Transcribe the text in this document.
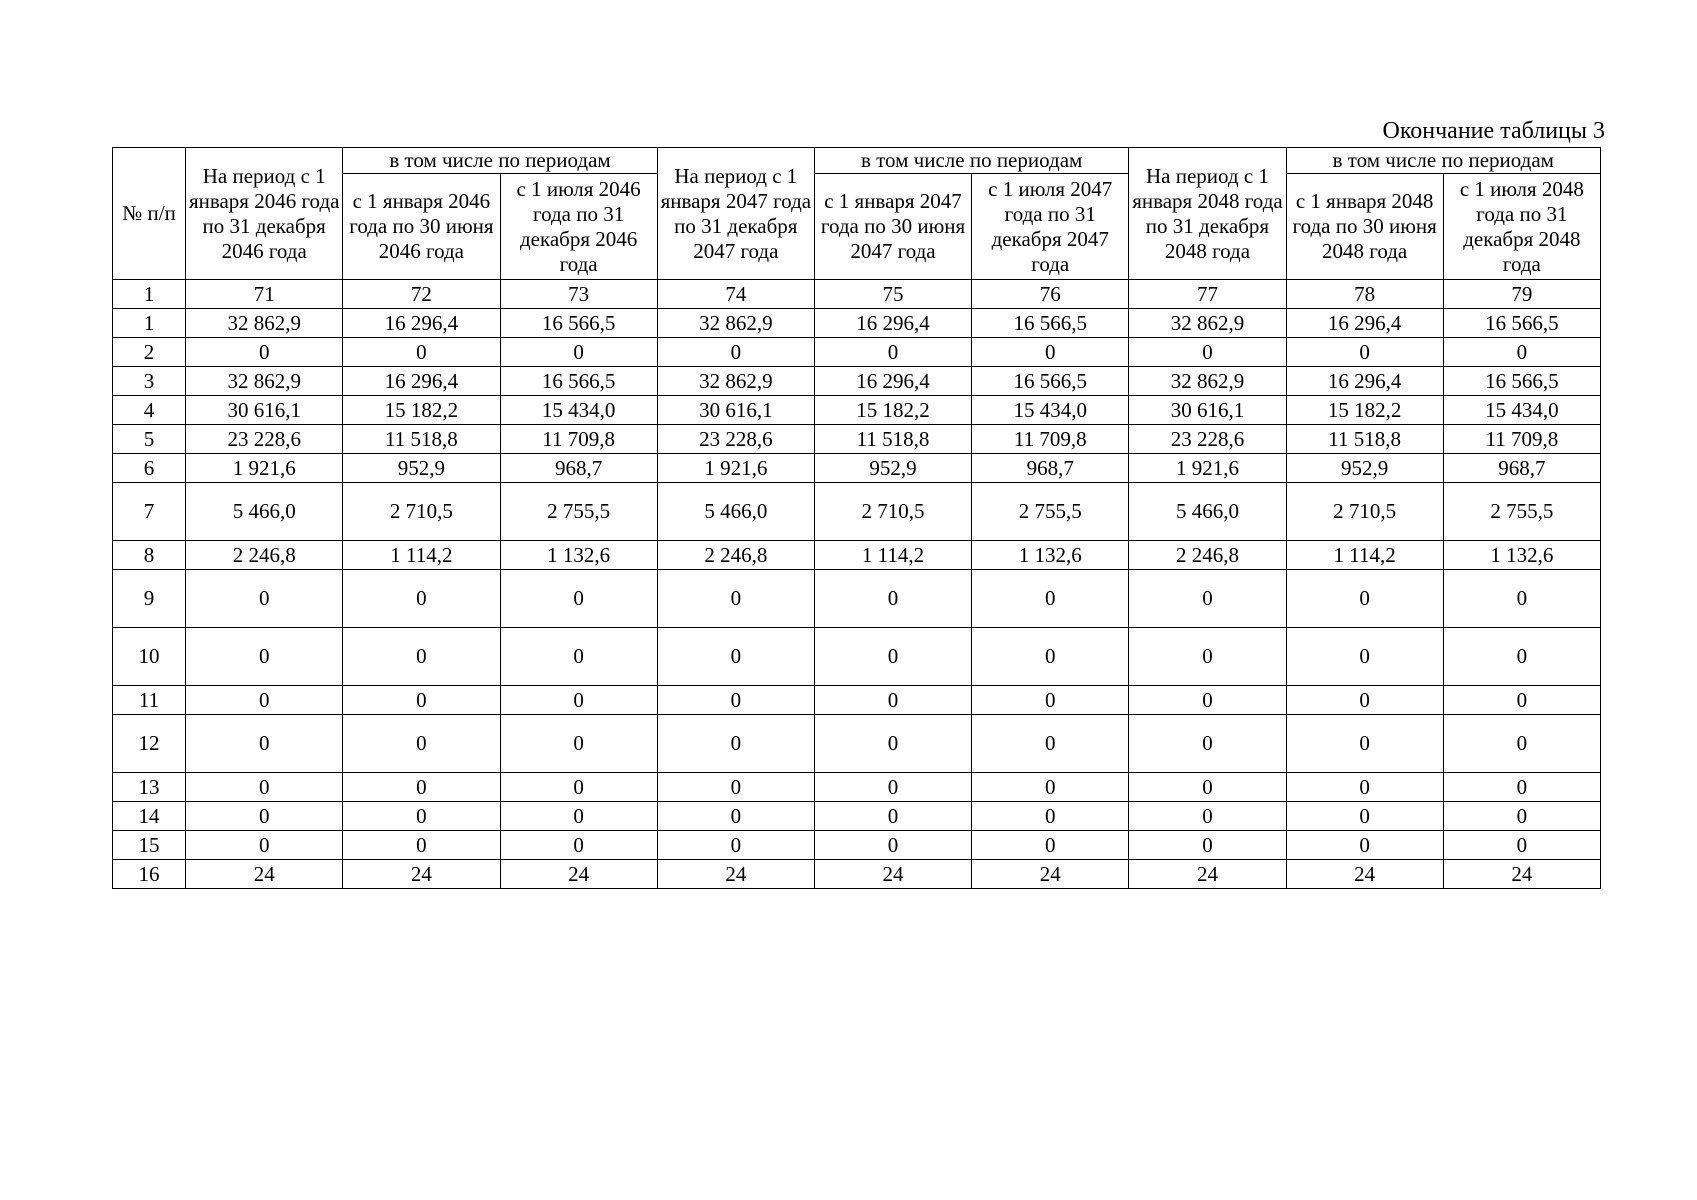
Окончание таблицы 3
№ п/п	На период с 1 января 2046 года по 31 декабря 2046 года	в том числе по периодам		На период с 1 января 2047 года по 31 декабря 2047 года	в том числе по периодам		На период с 1 января 2048 года по 31 декабря 2048 года	в том числе по периодам	
		с 1 января 2046 года по 30 июня 2046 года	с 1 июля 2046 года по 31 декабря 2046 года		с 1 января 2047 года по 30 июня 2047 года	с 1 июля 2047 года по 31 декабря 2047 года		с 1 января 2048 года по 30 июня 2048 года	с 1 июля 2048 года по 31 декабря 2048 года
1	71	72	73	74	75	76	77	78	79
1	32 862,9	16 296,4	16 566,5	32 862,9	16 296,4	16 566,5	32 862,9	16 296,4	16 566,5
2	0	0	0	0	0	0	0	0	0
3	32 862,9	16 296,4	16 566,5	32 862,9	16 296,4	16 566,5	32 862,9	16 296,4	16 566,5
4	30 616,1	15 182,2	15 434,0	30 616,1	15 182,2	15 434,0	30 616,1	15 182,2	15 434,0
5	23 228,6	11 518,8	11 709,8	23 228,6	11 518,8	11 709,8	23 228,6	11 518,8	11 709,8
6	1 921,6	952,9	968,7	1 921,6	952,9	968,7	1 921,6	952,9	968,7
7	5 466,0	2 710,5	2 755,5	5 466,0	2 710,5	2 755,5	5 466,0	2 710,5	2 755,5
8	2 246,8	1 114,2	1 132,6	2 246,8	1 114,2	1 132,6	2 246,8	1 114,2	1 132,6
9	0	0	0	0	0	0	0	0	0
10	0	0	0	0	0	0	0	0	0
11	0	0	0	0	0	0	0	0	0
12	0	0	0	0	0	0	0	0	0
13	0	0	0	0	0	0	0	0	0
14	0	0	0	0	0	0	0	0	0
15	0	0	0	0	0	0	0	0	0
16	24	24	24	24	24	24	24	24	24
